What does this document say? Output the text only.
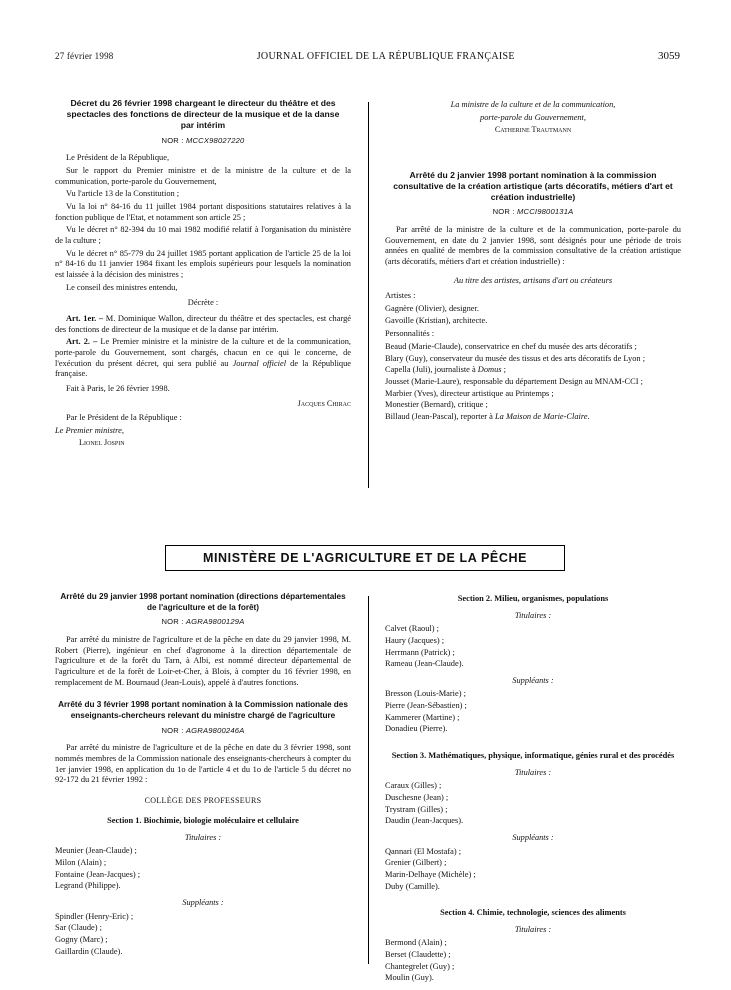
27 février 1998	JOURNAL OFFICIEL DE LA RÉPUBLIQUE FRANÇAISE	3059
Décret du 26 février 1998 chargeant le directeur du théâtre et des spectacles des fonctions de directeur de la musique et de la danse par intérim
NOR : MCCX98027220

Le Président de la République,

Sur le rapport du Premier ministre et de la ministre de la culture et de la communication, porte-parole du Gouvernement,

Vu l'article 13 de la Constitution ;

Vu la loi n° 84-16 du 11 juillet 1984 portant dispositions statutaires relatives à la fonction publique de l'Etat, et notamment son article 25 ;

Vu le décret n° 82-394 du 10 mai 1982 modifié relatif à l'organisation du ministère de la culture ;

Vu le décret n° 85-779 du 24 juillet 1985 portant application de l'article 25 de la loi n° 84-16 du 11 janvier 1984 fixant les emplois supérieurs pour lesquels la nomination est laissée à la décision des ministres ;

Le conseil des ministres entendu,

Décrète :

Art. 1er. – M. Dominique Wallon, directeur du théâtre et des spectacles, est chargé des fonctions de directeur de la musique et de la danse par intérim.

Art. 2. – Le Premier ministre et la ministre de la culture et de la communication, porte-parole du Gouvernement, sont chargés, chacun en ce qui le concerne, de l'exécution du présent décret, qui sera publié au Journal officiel de la République française.

Fait à Paris, le 26 février 1998.

Jacques Chirac

Par le Président de la République :

Le Premier ministre,

Lionel Jospin

La ministre de la culture et de la communication,

porte-parole du Gouvernement,

Catherine Trautmann
Arrêté du 2 janvier 1998 portant nomination à la commission consultative de la création artistique (arts décoratifs, métiers d'art et création industrielle)
NOR : MCCI9800131A

Par arrêté de la ministre de la culture et de la communication, porte-parole du Gouvernement, en date du 2 janvier 1998, sont désignés pour une période de trois années en qualité de membres de la commission consultative de la création artistique (arts décoratifs, métiers d'art et création industrielle) :

Au titre des artistes, artisans d'art ou créateurs

Artistes :

Gagnère (Olivier), designer.

Gavoille (Kristian), architecte.

Personnalités :

Beaud (Marie-Claude), conservatrice en chef du musée des arts décoratifs ;

Blary (Guy), conservateur du musée des tissus et des arts décoratifs de Lyon ;

Capella (Juli), journaliste à Domus ;

Jousset (Marie-Laure), responsable du département Design au MNAM-CCI ;

Marbier (Yves), directeur artistique au Printemps ;

Monestier (Bernard), critique ;

Billaud (Jean-Pascal), reporter à La Maison de Marie-Claire.

MINISTÈRE DE L'AGRICULTURE ET DE LA PÊCHE
Arrêté du 29 janvier 1998 portant nomination (directions départementales de l'agriculture et de la forêt)
NOR : AGRA9800129A

Par arrêté du ministre de l'agriculture et de la pêche en date du 29 janvier 1998, M. Robert (Pierre), ingénieur en chef d'agronome à la direction départementale de l'agriculture et de la forêt du Tarn, à Albi, est nommé directeur départemental de l'agriculture et de la forêt de Loir-et-Cher, à Blois, à compter du 16 février 1998, en remplacement de M. Bournaud (Jean-Louis), appelé à d'autres fonctions.

Arrêté du 3 février 1998 portant nomination à la Commission nationale des enseignants-chercheurs relevant du ministre chargé de l'agriculture
NOR : AGRA9800246A

Par arrêté du ministre de l'agriculture et de la pêche en date du 3 février 1998, sont nommés membres de la Commission nationale des enseignants-chercheurs à compter du 1er janvier 1998, en application du 1o de l'article 4 et du 1o de l'article 5 du décret no 92-172 du 21 février 1992 :

COLLÈGE DES PROFESSEURS

Section 1. Biochimie, biologie moléculaire et cellulaire

Titulaires :

Meunier (Jean-Claude) ;

Milon (Alain) ;

Fontaine (Jean-Jacques) ;

Legrand (Philippe).

Suppléants :

Spindler (Henry-Eric) ;

Sar (Claude) ;

Gogny (Marc) ;

Gaillardin (Claude).

Section 2. Milieu, organismes, populations

Titulaires :

Calvet (Raoul) ;

Haury (Jacques) ;

Herrmann (Patrick) ;

Rameau (Jean-Claude).

Suppléants :

Bresson (Louis-Marie) ;

Pierre (Jean-Sébastien) ;

Kammerer (Martine) ;

Donadieu (Pierre).

Section 3. Mathématiques, physique, informatique, génies rural et des procédés

Titulaires :

Caraux (Gilles) ;

Duschesne (Jean) ;

Trystram (Gilles) ;

Daudin (Jean-Jacques).

Suppléants :

Qannari (El Mostafa) ;

Grenier (Gilbert) ;

Marin-Delhaye (Michèle) ;

Duby (Camille).

Section 4. Chimie, technologie, sciences des aliments

Titulaires :

Bermond (Alain) ;

Berset (Claudette) ;

Chantegrelet (Guy) ;

Moulin (Guy).
